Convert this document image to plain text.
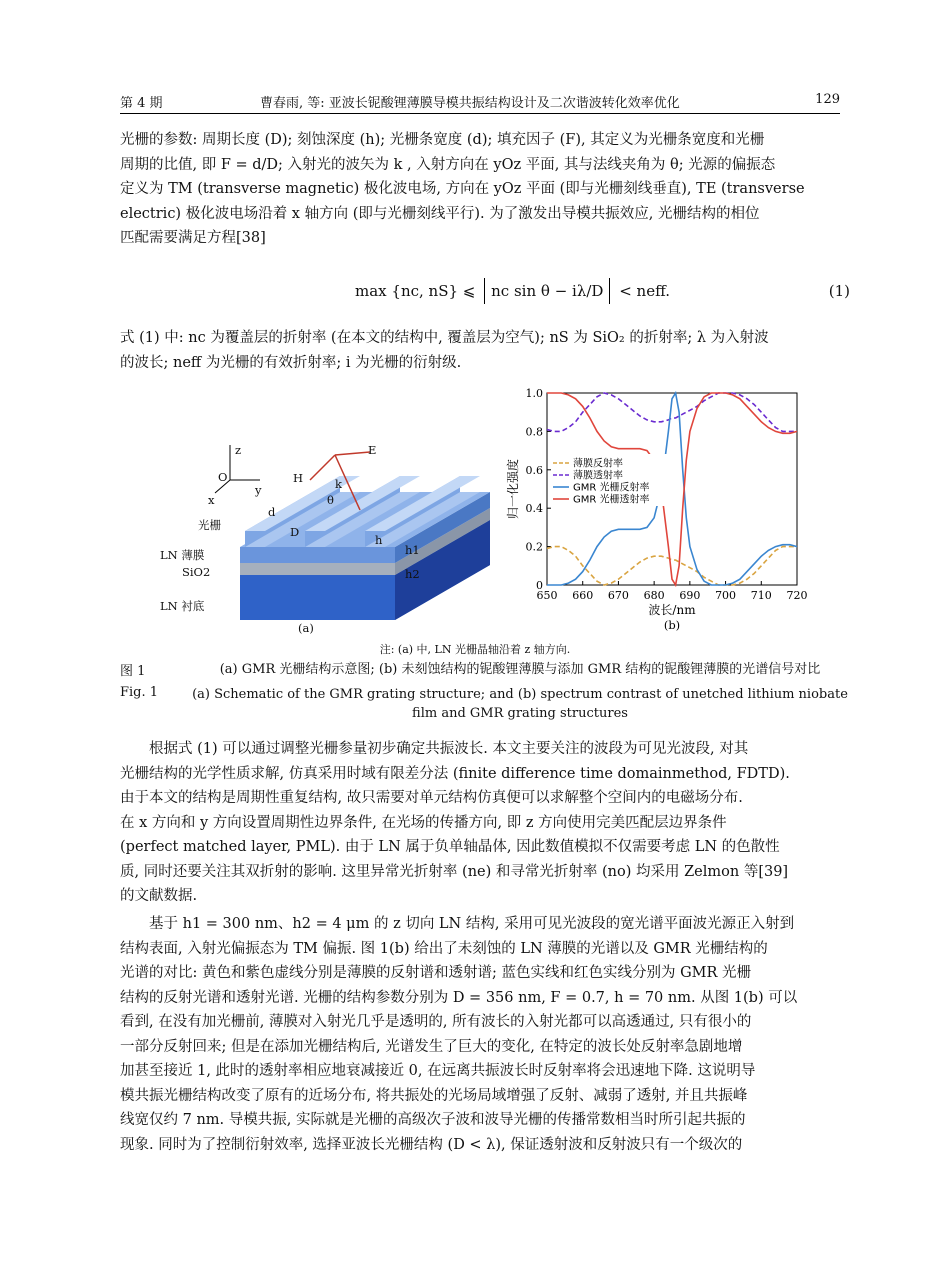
第 4 期	曹春雨, 等: 亚波长铌酸锂薄膜导模共振结构设计及二次谐波转化效率优化	129
光栅的参数: 周期长度 (D); 刻蚀深度 (h); 光栅条宽度 (d); 填充因子 (F), 其定义为光栅条宽度和光栅
周期的比值, 即 F = d/D; 入射光的波矢为 k , 入射方向在 yOz 平面, 其与法线夹角为 θ; 光源的偏振态
定义为 TM (transverse magnetic) 极化波电场, 方向在 yOz 平面 (即与光栅刻线垂直), TE (transverse
electric) 极化波电场沿着 x 轴方向 (即与光栅刻线平行). 为了激发出导模共振效应, 光栅结构的相位
匹配需要满足方程[38]
max {nc, nS} ⩽ nc sin θ − iλ/D < neff.	(1)
式 (1) 中: nc 为覆盖层的折射率 (在本文的结构中, 覆盖层为空气); nS 为 SiO₂ 的折射率; λ 为入射波
的波长; neff 为光栅的有效折射率; i 为光栅的衍射级.
z
y
x
O
E
H	k
θ
d
D
h
h1
h2
光栅
LN 薄膜
SiO2
LN 衬底
(a)
650 660 670 680 690 700 710 720
0
0.2
0.4
0.6
0.8
1.0
波长/nm
归一化强度	薄膜反射率
薄膜透射率
GMR 光栅反射率
GMR 光栅透射率
(b)
注: (a) 中, LN 光栅晶轴沿着 z 轴方向.
图 1	(a) GMR 光栅结构示意图; (b) 未刻蚀结构的铌酸锂薄膜与添加 GMR 结构的铌酸锂薄膜的光谱信号对比
Fig. 1	(a) Schematic of the GMR grating structure; and (b) spectrum contrast of unetched lithium niobate film and GMR grating structures
根据式 (1) 可以通过调整光栅参量初步确定共振波长. 本文主要关注的波段为可见光波段, 对其
光栅结构的光学性质求解, 仿真采用时域有限差分法 (finite difference time domainmethod, FDTD).
由于本文的结构是周期性重复结构, 故只需要对单元结构仿真便可以求解整个空间内的电磁场分布.
在 x 方向和 y 方向设置周期性边界条件, 在光场的传播方向, 即 z 方向使用完美匹配层边界条件
(perfect matched layer, PML). 由于 LN 属于负单轴晶体, 因此数值模拟不仅需要考虑 LN 的色散性
质, 同时还要关注其双折射的影响. 这里异常光折射率 (ne) 和寻常光折射率 (no) 均采用 Zelmon 等[39]
的文献数据.
基于 h1 = 300 nm、h2 = 4 μm 的 z 切向 LN 结构, 采用可见光波段的宽光谱平面波光源正入射到
结构表面, 入射光偏振态为 TM 偏振. 图 1(b) 给出了未刻蚀的 LN 薄膜的光谱以及 GMR 光栅结构的
光谱的对比: 黄色和紫色虚线分别是薄膜的反射谱和透射谱; 蓝色实线和红色实线分别为 GMR 光栅
结构的反射光谱和透射光谱. 光栅的结构参数分别为 D = 356 nm, F = 0.7, h = 70 nm. 从图 1(b) 可以
看到, 在没有加光栅前, 薄膜对入射光几乎是透明的, 所有波长的入射光都可以高透通过, 只有很小的
一部分反射回来; 但是在添加光栅结构后, 光谱发生了巨大的变化, 在特定的波长处反射率急剧地增
加甚至接近 1, 此时的透射率相应地衰减接近 0, 在远离共振波长时反射率将会迅速地下降. 这说明导
模共振光栅结构改变了原有的近场分布, 将共振处的光场局域增强了反射、减弱了透射, 并且共振峰
线宽仅约 7 nm. 导模共振, 实际就是光栅的高级次子波和波导光栅的传播常数相当时所引起共振的
现象. 同时为了控制衍射效率, 选择亚波长光栅结构 (D < λ), 保证透射波和反射波只有一个级次的
